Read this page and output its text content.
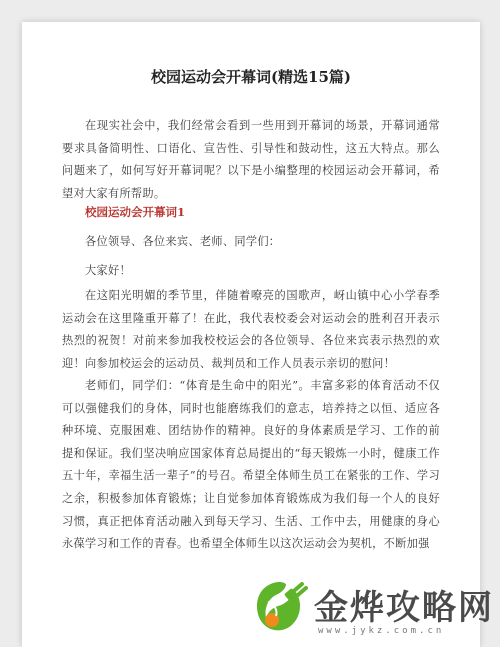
校园运动会开幕词(精选15篇)
在现实社会中，我们经常会看到一些用到开幕词的场景，开幕词通常要求具备简明性、口语化、宣告性、引导性和鼓动性，这五大特点。那么问题来了，如何写好开幕词呢？以下是小编整理的校园运动会开幕词，希望对大家有所帮助。
校园运动会开幕词1
各位领导、各位来宾、老师、同学们：
大家好！
在这阳光明媚的季节里，伴随着嘹亮的国歌声，岈山镇中心小学春季运动会在这里隆重开幕了！在此，我代表校委会对运动会的胜利召开表示热烈的祝贺！对前来参加我校校运会的各位领导、各位来宾表示热烈的欢迎！向参加校运会的运动员、裁判员和工作人员表示亲切的慰问！
老师们，同学们：“体育是生命中的阳光”。丰富多彩的体育活动不仅可以强健我们的身体，同时也能磨练我们的意志，培养持之以恒、适应各种环境、克服困难、团结协作的精神。良好的身体素质是学习、工作的前提和保证。我们坚决响应国家体育总局提出的“每天锻炼一小时，健康工作五十年，幸福生活一辈子”的号召。希望全体师生员工在紧张的工作、学习之余，积极参加体育锻炼；让自觉参加体育锻炼成为我们每一个人的良好习惯，真正把体育活动融入到每天学习、生活、工作中去，用健康的身心永葆学习和工作的青春。也希望全体师生以这次运动会为契机，不断加强
金烨攻略网
www.jykz.com.cn
